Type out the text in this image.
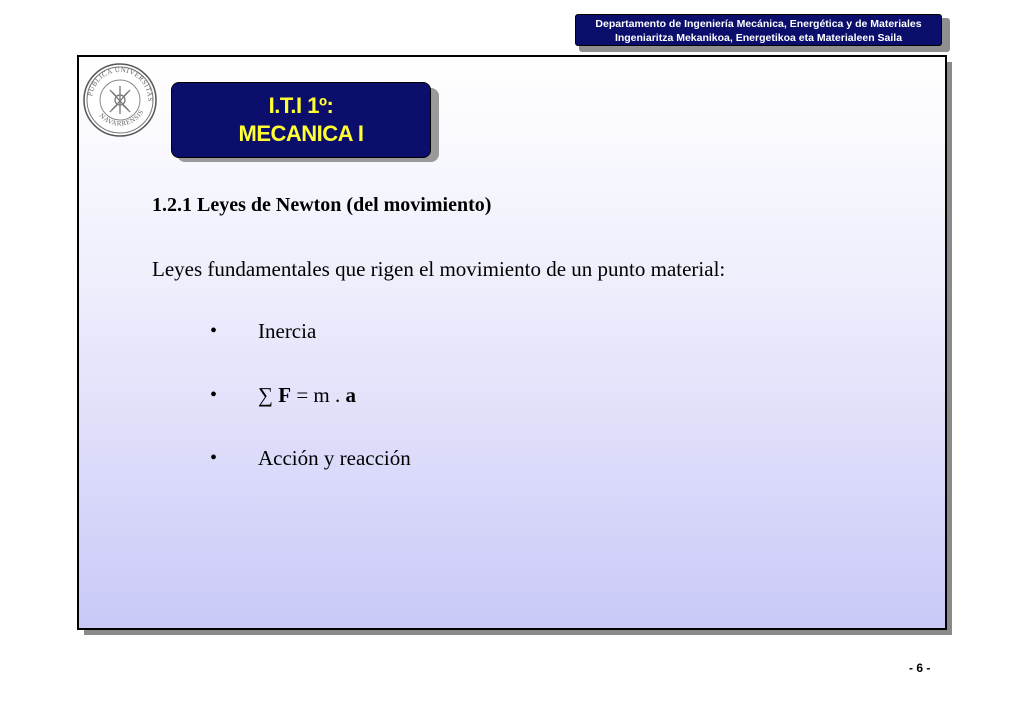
Departamento de Ingeniería Mecánica, Energética y de Materiales
Ingeniaritza Mekanikoa, Energetikoa eta Materialeen Saila
PUBLICA UNIVERSITAS
NAVARRENSIS	I.T.I 1º:
MECANICA I
1.2.1 Leyes de Newton (del movimiento)
Leyes fundamentales que rigen el movimiento de un punto material:
• Inercia
• ∑ F = m . a
• Acción y reacción
- 6 -
